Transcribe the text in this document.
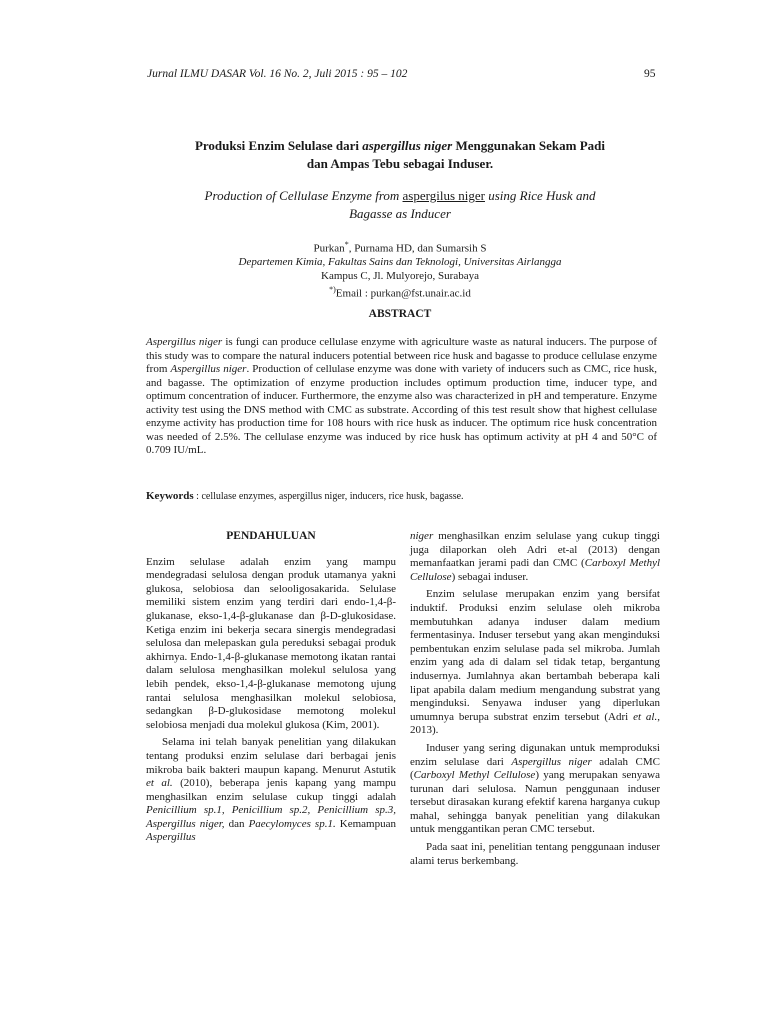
Jurnal ILMU DASAR Vol. 16 No. 2, Juli 2015 : 95 – 102	95
Produksi Enzim Selulase dari aspergillus niger Menggunakan Sekam Padi
dan Ampas Tebu sebagai Induser.
Production of Cellulase Enzyme from aspergilus niger using Rice Husk and
Bagasse as Inducer
Purkan*, Purnama HD, dan Sumarsih S
Departemen Kimia, Fakultas Sains dan Teknologi, Universitas Airlangga
Kampus C, Jl. Mulyorejo, Surabaya
*)Email : purkan@fst.unair.ac.id
ABSTRACT
Aspergillus niger is fungi can produce cellulase enzyme with agriculture waste as natural inducers. The purpose of this study was to compare the natural inducers potential between rice husk and bagasse to produce cellulase enzyme from Aspergillus niger. Production of cellulase enzyme was done with variety of inducers such as CMC, rice husk, and bagasse. The optimization of enzyme production includes optimum production time, inducer type, and optimum concentration of inducer. Furthermore, the enzyme also was characterized in pH and temperature. Enzyme activity test using the DNS method with CMC as substrate. According of this test result show that highest cellulase enzyme activity has production time for 108 hours with rice husk as inducer. The optimum rice husk concentration was needed of 2.5%. The cellulase enzyme was induced by rice husk has optimum activity at pH 4 and 50°C of 0.709 IU/mL.
Keywords : cellulase enzymes, aspergillus niger, inducers, rice husk, bagasse.
PENDAHULUAN

Enzim selulase adalah enzim yang mampu mendegradasi selulosa dengan produk utamanya yakni glukosa, selobiosa dan selooligosakarida. Selulase memiliki sistem enzim yang terdiri dari endo-1,4-β-glukanase, ekso-1,4-β-glukanase dan β-D-glukosidase. Ketiga enzim ini bekerja secara sinergis mendegradasi selulosa dan melepaskan gula pereduksi sebagai produk akhirnya. Endo-1,4-β-glukanase memotong ikatan rantai dalam selulosa menghasilkan molekul selulosa yang lebih pendek, ekso-1,4-β-glukanase memotong ujung rantai selulosa menghasilkan molekul selobiosa, sedangkan β-D-glukosidase memotong molekul selobiosa menjadi dua molekul glukosa (Kim, 2001).

Selama ini telah banyak penelitian yang dilakukan tentang produksi enzim selulase dari berbagai jenis mikroba baik bakteri maupun kapang. Menurut Astutik et al. (2010), beberapa jenis kapang yang mampu menghasilkan enzim selulase cukup tinggi adalah Penicillium sp.1, Penicillium sp.2, Penicillium sp.3, Aspergillus niger, dan Paecylomyces sp.1. Kemampuan Aspergillus

niger menghasilkan enzim selulase yang cukup tinggi juga dilaporkan oleh Adri et-al (2013) dengan memanfaatkan jerami padi dan CMC (Carboxyl Methyl Cellulose) sebagai induser.

Enzim selulase merupakan enzim yang bersifat induktif. Produksi enzim selulase oleh mikroba membutuhkan adanya induser dalam medium fermentasinya. Induser tersebut yang akan menginduksi pembentukan enzim selulase pada sel mikroba. Jumlah enzim yang ada di dalam sel tidak tetap, bergantung indusernya. Jumlahnya akan bertambah beberapa kali lipat apabila dalam medium mengandung substrat yang menginduksi. Senyawa induser yang diperlukan umumnya berupa substrat enzim tersebut (Adri et al., 2013).

Induser yang sering digunakan untuk memproduksi enzim selulase dari Aspergillus niger adalah CMC (Carboxyl Methyl Cellulose) yang merupakan senyawa turunan dari selulosa. Namun penggunaan induser tersebut dirasakan kurang efektif karena harganya cukup mahal, sehingga banyak penelitian yang dilakukan untuk menggantikan peran CMC tersebut.

Pada saat ini, penelitian tentang penggunaan induser alami terus berkembang.
